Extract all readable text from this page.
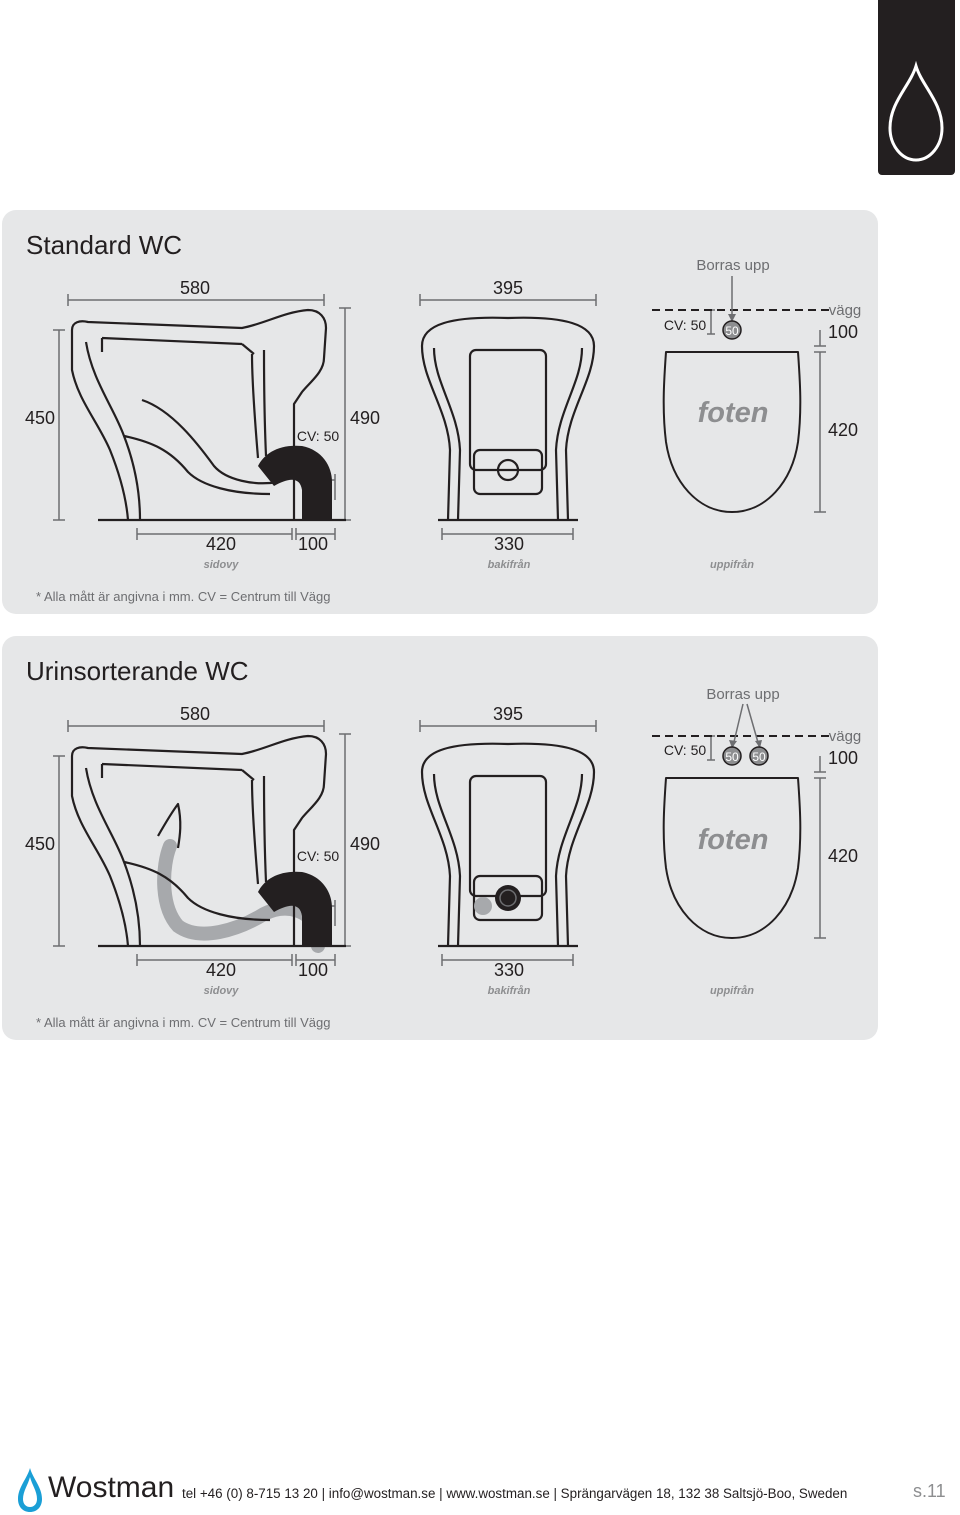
Standard WC
580
450
CV: 50
490
420	100
sidovy
395
330
bakifrån
Borras upp
CV: 50 50
vägg
100
foten
420
uppifrån
* Alla mått är angivna i mm. CV = Centrum till Vägg
Urinsorterande WC
580
450
CV: 50
490
420	100
sidovy
395
330
bakifrån
Borras upp
CV: 50 50 50
vägg
100
foten	420
uppifrån
* Alla mått är angivna i mm. CV = Centrum till Vägg
Wostman tel +46 (0) 8-715 13 20 | info@wostman.se | www.wostman.se | Sprängarvägen 18, 132 38 Saltsjö-Boo, Sweden	s.11
